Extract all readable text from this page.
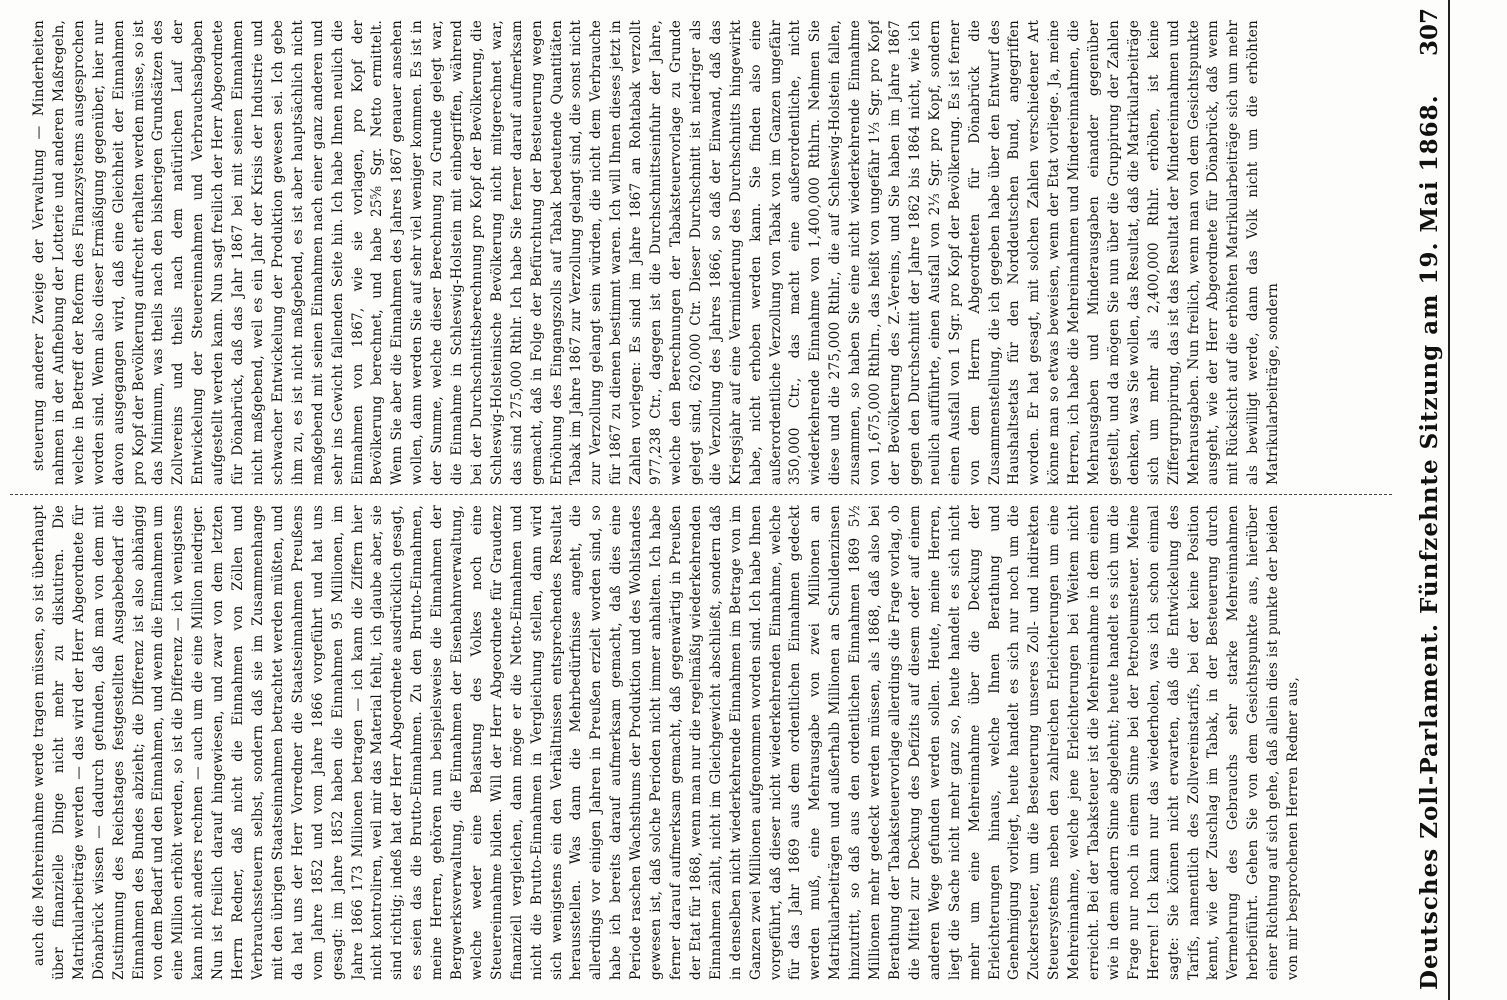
Deutsches Zoll-Parlament. Fünfzehnte Sitzung am 19. Mai 1868.
307

auch die Mehreinnahme werde tragen müssen, so ist überhaupt über finanzielle Dinge nicht mehr zu diskutiren. Die Matrikularbeiträge werden — das wird der Herr Abgeordnete für Dönabrück wissen — dadurch gefunden, daß man von dem mit Zustimmung des Reichstages festgestellten Ausgabebedarf die Einnahmen des Bundes abzieht; die Differenz ist also abhängig von dem Bedarf und den Einnahmen, und wenn die Einnahmen um eine Million erhöht werden, so ist die Differenz — ich wenigstens kann nicht anders rechnen — auch um die eine Million niedriger. Nun ist freilich darauf hingewiesen, und zwar von dem letzten Herrn Redner, daß nicht die Einnahmen von Zöllen und Verbrauchssteuern selbst, sondern daß sie im Zusammenhange mit den übrigen Staatseinnahmen betrachtet werden müßten, und da hat uns der Herr Vorredner die Staatseinnahmen Preußens vom Jahre 1852 und vom Jahre 1866 vorgeführt und hat uns gesagt: im Jahre 1852 haben die Einnahmen 95 Millionen, im Jahre 1866 173 Millionen betragen — ich kann die Ziffern hier nicht kontroliren, weil mir das Material fehlt, ich glaube aber, sie sind richtig; indeß hat der Herr Abgeordnete ausdrücklich gesagt, es seien das die Brutto-Einnahmen. Zu den Brutto-Einnahmen, meine Herren, gehören nun beispielsweise die Einnahmen der Bergwerksverwaltung, die Einnahmen der Eisenbahnverwaltung, welche weder eine Belastung des Volkes noch eine Steuereinnahme bilden. Will der Herr Abgeordnete für Graudenz finanziell vergleichen, dann möge er die Netto-Einnahmen und nicht die Brutto-Einnahmen in Vergleichung stellen, dann wird sich wenigstens ein den Verhältnissen entsprechendes Resultat herausstellen. Was dann die Mehrbedürfnisse angeht, die allerdings vor einigen Jahren in Preußen erzielt worden sind, so habe ich bereits darauf aufmerksam gemacht, daß dies eine Periode raschen Wachsthums der Produktion und des Wohlstandes gewesen ist, daß solche Perioden nicht immer anhalten. Ich habe ferner darauf aufmerksam gemacht, daß gegenwärtig in Preußen der Etat für 1868, wenn man nur die regelmäßig wiederkehrenden Einnahmen zählt, nicht im Gleichgewicht abschließt, sondern daß in denselben nicht wiederkehrende Einnahmen im Betrage von im Ganzen zwei Millionen aufgenommen worden sind. Ich habe Ihnen vorgeführt, daß dieser nicht wiederkehrenden Einnahme, welche für das Jahr 1869 aus dem ordentlichen Einnahmen gedeckt werden muß, eine Mehrausgabe von zwei Millionen an Matrikularbeiträgen und außerhalb Millionen an Schuldenzinsen hinzutritt, so daß aus den ordentlichen Einnahmen 1869 5½ Millionen mehr gedeckt werden müssen, als 1868, daß also bei Berathung der Tabaksteuervorlage allerdings die Frage vorlag, ob die Mittel zur Deckung des Defizits auf diesem oder auf einem anderen Wege gefunden werden sollen. Heute, meine Herren, liegt die Sache nicht mehr ganz so, heute handelt es sich nicht mehr um eine Mehreinnahme über die Deckung der Erleichterungen hinaus, welche Ihnen Berathung und Genehmigung vorliegt, heute handelt es sich nur noch um die Zuckersteuer, um die Besteuerung unseres Zoll- und indirekten Steuersystems neben den zahlreichen Erleichterungen um eine Mehreinnahme, welche jene Erleichterungen bei Weitem nicht erreicht. Bei der Tabaksteuer ist die Mehreinnahme in dem einen wie in dem andern Sinne abgelehnt; heute handelt es sich um die Frage nur noch in einem Sinne bei der Petroleumsteuer. Meine Herren! Ich kann nur das wiederholen, was ich schon einmal sagte: Sie können nicht erwarten, daß die Entwickelung des Tarifs, namentlich des Zollvereinstarifs, bei der keine Position kennt, wie der Zuschlag im Tabak, in der Besteuerung durch Vermehrung des Gebrauchs sehr starke Mehreinnahmen herbeiführt. Gehen Sie von dem Gesichtspunkte aus, hierüber einer Richtung auf sich gehe, daß allein dies ist punkte der beiden von mir besprochenen Herren Redner aus,

steuerung anderer Zweige der Verwaltung — Minderheiten nahmen in der Aufhebung der Lotterie und anderen Maßregeln, welche in Betreff der Reform des Finanzsystems ausgesprochen worden sind. Wenn also dieser Ermäßigung gegenüber, hier nur davon ausgegangen wird, daß eine Gleichheit der Einnahmen pro Kopf der Bevölkerung aufrecht erhalten werden müsse, so ist das Minimum, was theils nach den bisherigen Grundsätzen des Zollvereins und theils nach dem natürlichen Lauf der Entwickelung der Steuereinnahmen und Verbrauchsabgaben aufgestellt werden kann. Nun sagt freilich der Herr Abgeordnete für Dönabrück, daß das Jahr 1867 bei mit seinen Einnahmen nicht maßgebend, weil es ein Jahr der Krisis der Industrie und schwacher Entwickelung der Produktion gewesen sei. Ich gebe ihm zu, es ist nicht maßgebend, es ist aber hauptsächlich nicht maßgebend mit seinen Einnahmen nach einer ganz anderen und sehr ins Gewicht fallenden Seite hin. Ich habe Ihnen neulich die Einnahmen von 1867, wie sie vorlagen, pro Kopf der Bevölkerung berechnet, und habe 25⅝ Sgr. Netto ermittelt. Wenn Sie aber die Einnahmen des Jahres 1867 genauer ansehen wollen, dann werden Sie auf sehr viel weniger kommen. Es ist in der Summe, welche dieser Berechnung zu Grunde gelegt war, die Einnahme in Schleswig-Holstein mit einbegriffen, während bei der Durchschnittsberechnung pro Kopf der Bevölkerung, die Schleswig-Holsteinische Bevölkerung nicht mitgerechnet war, das sind 275,000 Rthlr. Ich habe Sie ferner darauf aufmerksam gemacht, daß in Folge der Befürchtung der Besteuerung wegen Erhöhung des Eingangszolls auf Tabak bedeutende Quantitäten Tabak im Jahre 1867 zur Verzollung gelangt sind, die sonst nicht zur Verzollung gelangt sein würden, die nicht dem Verbrauche für 1867 zu dienen bestimmt waren. Ich will Ihnen dieses jetzt in Zahlen vorlegen: Es sind im Jahre 1867 an Rohtabak verzollt 977,238 Ctr., dagegen ist die Durchschnittseinfuhr der Jahre, welche den Berechnungen der Tabaksteuervorlage zu Grunde gelegt sind, 620,000 Ctr. Dieser Durchschnitt ist niedriger als die Verzollung des Jahres 1866, so daß der Einwand, daß das Kriegsjahr auf eine Verminderung des Durchschnitts hingewirkt habe, nicht erhoben werden kann. Sie finden also eine außerordentliche Verzollung von Tabak von im Ganzen ungefähr 350,000 Ctr., das macht eine außerordentliche, nicht wiederkehrende Einnahme von 1,400,000 Rthlrn. Nehmen Sie diese und die 275,000 Rthlr., die auf Schleswig-Holstein fallen, zusammen, so haben Sie eine nicht wiederkehrende Einnahme von 1,675,000 Rthlrn., das heißt von ungefähr 1⅓ Sgr. pro Kopf der Bevölkerung des Z.-Vereins, und Sie haben im Jahre 1867 gegen den Durchschnitt der Jahre 1862 bis 1864 nicht, wie ich neulich aufführte, einen Ausfall von 2⅓ Sgr. pro Kopf, sondern einen Ausfall von 1 Sgr. pro Kopf der Bevölkerung. Es ist ferner von dem Herrn Abgeordneten für Dönabrück die Zusammenstellung, die ich gegeben habe über den Entwurf des Haushaltsetats für den Norddeutschen Bund, angegriffen worden. Er hat gesagt, mit solchen Zahlen verschiedener Art könne man so etwas beweisen, wenn der Etat vorliege. Ja, meine Herren, ich habe die Mehreinnahmen und Mindereinnahmen, die Mehrausgaben und Minderausgaben einander gegenüber gestellt, und da mögen Sie nun über die Gruppirung der Zahlen denken, was Sie wollen, das Resultat, daß die Matrikularbeiträge sich um mehr als 2,400,000 Rthlr. erhöhen, ist keine Ziffergruppirung, das ist das Resultat der Mindereinnahmen und Mehrausgaben. Nun freilich, wenn man von dem Gesichtspunkte ausgeht, wie der Herr Abgeordnete für Dönabrück, daß wenn mit Rücksicht auf die erhöhten Matrikularbeiträge sich um mehr als bewilligt werde, dann das Volk nicht um die erhöhten Matrikularbeiträge, sondern
